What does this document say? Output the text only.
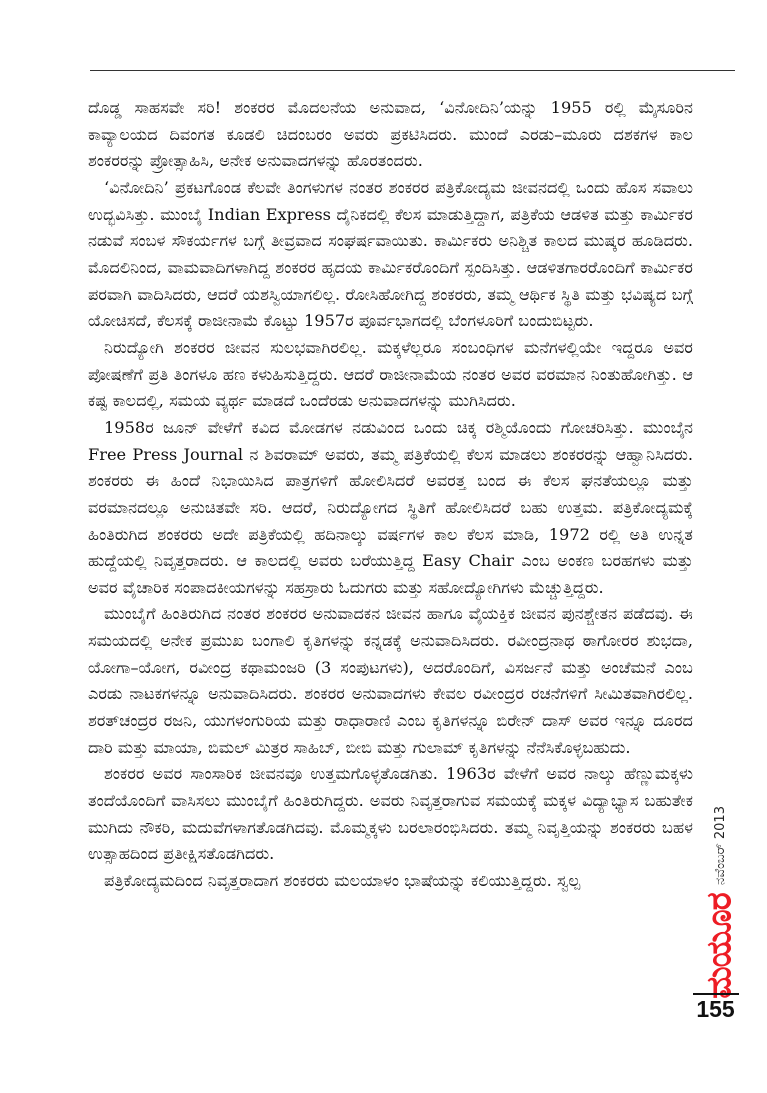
ದೊಡ್ಡ ಸಾಹಸವೇ ಸರಿ! ಶಂಕರರ ಮೊದಲನೆಯ ಅನುವಾದ, ‘ವಿನೋದಿನಿ’ಯನ್ನು 1955 ರಲ್ಲಿ ಮೈಸೂರಿನ ಕಾವ್ಯಾಲಯದ ದಿವಂಗತ ಕೂಡಲಿ ಚಿದಂಬರಂ ಅವರು ಪ್ರಕಟಿಸಿದರು. ಮುಂದೆ ಎರಡು–ಮೂರು ದಶಕಗಳ ಕಾಲ ಶಂಕರರನ್ನು ಪ್ರೋತ್ಸಾಹಿಸಿ, ಅನೇಕ ಅನುವಾದಗಳನ್ನು ಹೊರತಂದರು.

‘ವಿನೋದಿನಿ’ ಪ್ರಕಟಗೊಂಡ ಕೆಲವೇ ತಿಂಗಳುಗಳ ನಂತರ ಶಂಕರರ ಪತ್ರಿಕೋದ್ಯಮ ಜೀವನದಲ್ಲಿ ಒಂದು ಹೊಸ ಸವಾಲು ಉದ್ಭವಿಸಿತ್ತು. ಮುಂಬೈ Indian Express ದೈನಿಕದಲ್ಲಿ ಕೆಲಸ ಮಾಡುತ್ತಿದ್ದಾಗ, ಪತ್ರಿಕೆಯ ಆಡಳಿತ ಮತ್ತು ಕಾರ್ಮಿಕರ ನಡುವೆ ಸಂಬಳ ಸೌಕರ್ಯಗಳ ಬಗ್ಗೆ ತೀವ್ರವಾದ ಸಂಘರ್ಷವಾಯಿತು. ಕಾರ್ಮಿಕರು ಅನಿಶ್ಚಿತ ಕಾಲದ ಮುಷ್ಕರ ಹೂಡಿದರು. ಮೊದಲಿನಿಂದ, ವಾಮವಾದಿಗಳಾಗಿದ್ದ ಶಂಕರರ ಹೃದಯ ಕಾರ್ಮಿಕರೊಂದಿಗೆ ಸ್ಪಂದಿಸಿತ್ತು. ಆಡಳಿತಗಾರರೊಂದಿಗೆ ಕಾರ್ಮಿಕರ ಪರವಾಗಿ ವಾದಿಸಿದರು, ಆದರೆ ಯಶಸ್ವಿಯಾಗಲಿಲ್ಲ. ರೋಸಿಹೋಗಿದ್ದ ಶಂಕರರು, ತಮ್ಮ ಆರ್ಥಿಕ ಸ್ಥಿತಿ ಮತ್ತು ಭವಿಷ್ಯದ ಬಗ್ಗೆ ಯೋಚಿಸದೆ, ಕೆಲಸಕ್ಕೆ ರಾಜೀನಾಮೆ ಕೊಟ್ಟು 1957ರ ಪೂರ್ವಭಾಗದಲ್ಲಿ ಬೆಂಗಳೂರಿಗೆ ಬಂದುಬಿಟ್ಟರು.

ನಿರುದ್ಯೋಗಿ ಶಂಕರರ ಜೀವನ ಸುಲಭವಾಗಿರಲಿಲ್ಲ. ಮಕ್ಕಳೆಲ್ಲರೂ ಸಂಬಂಧಿಗಳ ಮನೆಗಳಲ್ಲಿಯೇ ಇದ್ದರೂ ಅವರ ಪೋಷಣೆಗೆ ಪ್ರತಿ ತಿಂಗಳೂ ಹಣ ಕಳುಹಿಸುತ್ತಿದ್ದರು. ಆದರೆ ರಾಜೀನಾಮೆಯ ನಂತರ ಅವರ ವರಮಾನ ನಿಂತುಹೋಗಿತ್ತು. ಆ ಕಷ್ಟ ಕಾಲದಲ್ಲಿ, ಸಮಯ ವ್ಯರ್ಥ ಮಾಡದೆ ಒಂದೆರಡು ಅನುವಾದಗಳನ್ನು ಮುಗಿಸಿದರು.

1958ರ ಜೂನ್ ವೇಳೆಗೆ ಕವಿದ ಮೋಡಗಳ ನಡುವಿಂದ ಒಂದು ಚಿಕ್ಕ ರಶ್ಮಿಯೊಂದು ಗೋಚರಿಸಿತ್ತು. ಮುಂಬೈನ Free Press Journal ನ ಶಿವರಾಮ್ ಅವರು, ತಮ್ಮ ಪತ್ರಿಕೆಯಲ್ಲಿ ಕೆಲಸ ಮಾಡಲು ಶಂಕರರನ್ನು ಆಹ್ವಾನಿಸಿದರು. ಶಂಕರರು ಈ ಹಿಂದೆ ನಿಭಾಯಿಸಿದ ಪಾತ್ರಗಳಿಗೆ ಹೋಲಿಸಿದರೆ ಅವರತ್ತ ಬಂದ ಈ ಕೆಲಸ ಘನತೆಯಲ್ಲೂ ಮತ್ತು ವರಮಾನದಲ್ಲೂ ಅನುಚಿತವೇ ಸರಿ. ಆದರೆ, ನಿರುದ್ಯೋಗದ ಸ್ಥಿತಿಗೆ ಹೋಲಿಸಿದರೆ ಬಹು ಉತ್ತಮ. ಪತ್ರಿಕೋದ್ಯಮಕ್ಕೆ ಹಿಂತಿರುಗಿದ ಶಂಕರರು ಅದೇ ಪತ್ರಿಕೆಯಲ್ಲಿ ಹದಿನಾಲ್ಕು ವರ್ಷಗಳ ಕಾಲ ಕೆಲಸ ಮಾಡಿ, 1972 ರಲ್ಲಿ ಅತಿ ಉನ್ನತ ಹುದ್ದೆಯಲ್ಲಿ ನಿವೃತ್ತರಾದರು. ಆ ಕಾಲದಲ್ಲಿ ಅವರು ಬರೆಯುತ್ತಿದ್ದ Easy Chair ಎಂಬ ಅಂಕಣ ಬರಹಗಳು ಮತ್ತು ಅವರ ವೈಚಾರಿಕ ಸಂಪಾದಕೀಯಗಳನ್ನು ಸಹಸ್ರಾರು ಓದುಗರು ಮತ್ತು ಸಹೋದ್ಯೋಗಿಗಳು ಮೆಚ್ಚುತ್ತಿದ್ದರು.

ಮುಂಬೈಗೆ ಹಿಂತಿರುಗಿದ ನಂತರ ಶಂಕರರ ಅನುವಾದಕನ ಜೀವನ ಹಾಗೂ ವೈಯಕ್ತಿಕ ಜೀವನ ಪುನಶ್ಚೇತನ ಪಡೆದವು. ಈ ಸಮಯದಲ್ಲಿ ಅನೇಕ ಪ್ರಮುಖ ಬಂಗಾಲಿ ಕೃತಿಗಳನ್ನು ಕನ್ನಡಕ್ಕೆ ಅನುವಾದಿಸಿದರು. ರವೀಂದ್ರನಾಥ ಠಾಗೋರರ ಶುಭದಾ, ಯೋಗಾ–ಯೋಗ, ರವೀಂದ್ರ ಕಥಾಮಂಜರಿ (3 ಸಂಪುಟಗಳು), ಅದರೊಂದಿಗೆ, ವಿಸರ್ಜನೆ ಮತ್ತು ಅಂಚೆಮನೆ ಎಂಬ ಎರಡು ನಾಟಕಗಳನ್ನೂ ಅನುವಾದಿಸಿದರು. ಶಂಕರರ ಅನುವಾದಗಳು ಕೇವಲ ರವೀಂದ್ರರ ರಚನೆಗಳಿಗೆ ಸೀಮಿತವಾಗಿರಲಿಲ್ಲ. ಶರತ್‌ಚಂದ್ರರ ರಜನಿ, ಯುಗಳಂಗುರಿಯ ಮತ್ತು ರಾಧಾರಾಣಿ ಎಂಬ ಕೃತಿಗಳನ್ನೂ ಬಿರೇನ್ ದಾಸ್ ಅವರ ಇನ್ನೂ ದೂರದ ದಾರಿ ಮತ್ತು ಮಾಯಾ, ಬಿಮಲ್ ಮಿತ್ರರ ಸಾಹಿಬ್, ಬೀಬಿ ಮತ್ತು ಗುಲಾಮ್ ಕೃತಿಗಳನ್ನು ನೆನೆಸಿಕೊಳ್ಳಬಹುದು.

ಶಂಕರರ ಅವರ ಸಾಂಸಾರಿಕ ಜೀವನವೂ ಉತ್ತಮಗೊಳ್ಳತೊಡಗಿತು. 1963ರ ವೇಳೆಗೆ ಅವರ ನಾಲ್ಕು ಹೆಣ್ಣುಮಕ್ಕಳು ತಂದೆಯೊಂದಿಗೆ ವಾಸಿಸಲು ಮುಂಬೈಗೆ ಹಿಂತಿರುಗಿದ್ದರು. ಅವರು ನಿವೃತ್ತರಾಗುವ ಸಮಯಕ್ಕೆ ಮಕ್ಕಳ ವಿದ್ಯಾಭ್ಯಾಸ ಬಹುತೇಕ ಮುಗಿದು ನೌಕರಿ, ಮದುವೆಗಳಾಗತೊಡಗಿದವು. ಮೊಮ್ಮಕ್ಕಳು ಬರಲಾರಂಭಿಸಿದರು. ತಮ್ಮ ನಿವೃತ್ತಿಯನ್ನು ಶಂಕರರು ಬಹಳ ಉತ್ಸಾಹದಿಂದ ಪ್ರತೀಕ್ಷಿಸತೊಡಗಿದರು.

ಪತ್ರಿಕೋದ್ಯಮದಿಂದ ನಿವೃತ್ತರಾದಾಗ ಶಂಕರರು ಮಲಯಾಳಂ ಭಾಷೆಯನ್ನು ಕಲಿಯುತ್ತಿದ್ದರು. ಸ್ವಲ್ಪ	ನವೆಂಬರ್ 2013
ಮಯೂರ
155
